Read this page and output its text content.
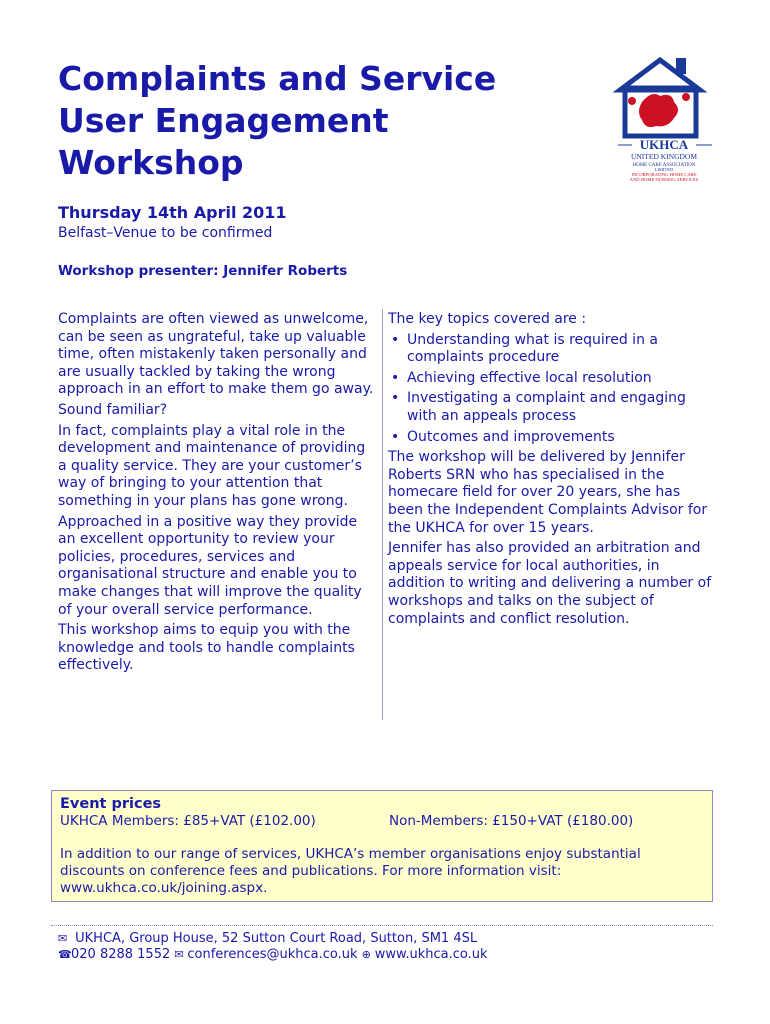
Complaints and Service User Engagement Workshop	UKHCA
UNITED KINGDOM
HOME CARE ASSOCIATION
LIMITED
INCORPORATING HOME CARE
AND HOME NURSING SERVICES
Thursday 14th April 2011
Belfast–Venue to be confirmed
Workshop presenter: Jennifer Roberts

Complaints are often viewed as unwelcome, can be seen as ungrateful, take up valuable time, often mistakenly taken personally and are usually tackled by taking the wrong approach in an effort to make them go away.

Sound familiar?

In fact, complaints play a vital role in the development and maintenance of providing a quality service. They are your customer’s way of bringing to your attention that something in your plans has gone wrong.

Approached in a positive way they provide an excellent opportunity to review your policies, procedures, services and organisational structure and enable you to make changes that will improve the quality of your overall service performance.

This workshop aims to equip you with the knowledge and tools to handle complaints effectively.

The key topics covered are :

• Understanding what is required in a complaints procedure
• Achieving effective local resolution
• Investigating a complaint and engaging with an appeals process
• Outcomes and improvements

The workshop will be delivered by Jennifer Roberts SRN who has specialised in the homecare field for over 20 years, she has been the Independent Complaints Advisor for the UKHCA for over 15 years.

Jennifer has also provided an arbitration and appeals service for local authorities, in addition to writing and delivering a number of workshops and talks on the subject of complaints and conflict resolution.

Event prices
UKHCA Members: £85+VAT (£102.00)	Non-Members: £150+VAT (£180.00)
In addition to our range of services, UKHCA’s member organisations enjoy substantial discounts on conference fees and publications. For more information visit:
www.ukhca.co.uk/joining.aspx.
✉ UKHCA, Group House, 52 Sutton Court Road, Sutton, SM1 4SL
☎020 8288 1552 ✉ conferences@ukhca.co.uk ⊕ www.ukhca.co.uk
